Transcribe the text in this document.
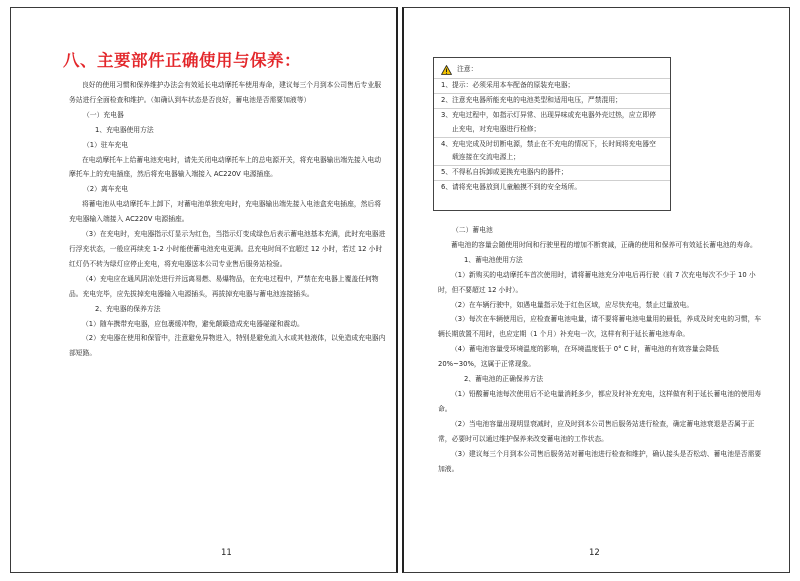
八、主要部件正确使用与保养：

良好的使用习惯和保养维护办法会有效延长电动摩托车使用寿命，建议每三个月到本公司售后专业服务站进行全面检查和维护。（如确认到车状态是否良好，蓄电池是否需要加液等）

（一）充电器

1、充电器使用方法

（1）驻车充电

在电动摩托车上给蓄电池充电时，请先关闭电动摩托车上的总电源开关，将充电器输出端先接入电动摩托车上的充电插座，然后将充电器输入端接入 AC220V 电源插座。

（2）离车充电

将蓄电池从电动摩托车上卸下，对蓄电池单独充电时，充电器输出端先接入电池盒充电插座，然后将充电器输入端接入 AC220V 电源插座。

（3）在充电时，充电器指示灯显示为红色，当指示灯变成绿色后表示蓄电池基本充满，此时充电器进行浮充状态，一般应再续充 1-2 小时能使蓄电池充电更满。总充电时间不宜超过 12 小时，若过 12 小时红灯仍不转为绿灯应停止充电，将充电器送本公司专业售后服务站检验。

（4）充电应在通风阴凉处进行并远离易燃、易爆物品，在充电过程中，严禁在充电器上覆盖任何物品。充电完毕，应先拔掉充电器输入电源插头，再拔掉充电器与蓄电池连接插头。

2、充电器的保养方法

（1）随车携带充电器，应包裹缓冲物，避免颠簸造成充电器碰碰和震动。

（2）充电器在使用和保管中，注意避免异物进入，特别是避免流入水或其他液体，以免造成充电器内部短路。

11
注意：
1、 提示：必须采用本车配备的原装充电器；
2、 注意充电器所能充电的电池类型和适用电压，严禁混用；
3、 充电过程中，如指示灯异常、出现异味或充电器外壳过热，应立即停止充电，对充电器进行检修；
4、 充电完成及时切断电源，禁止在不充电的情况下，长时间将充电器空载连接在交流电源上；
5、 不得私自拆卸或更换充电器内的器件；
6、 请将充电器放到儿童触摸不到的安全场所。

（二）蓄电池

蓄电池的容量会随使用时间和行驶里程的增加不断衰减，正确的使用和保养可有效延长蓄电池的寿命。

1、蓄电池使用方法

（1）新购买的电动摩托车首次使用时，请将蓄电池充分冲电后再行驶（前 7 次充电每次不少于 10 小时，但不要超过 12 小时）。

（2）在车辆行驶中，如遇电量指示处于红色区域，应尽快充电，禁止过量放电。

（3）每次在车辆使用后，应检查蓄电池电量，请不要将蓄电池电量用的最低，养成及时充电的习惯，车辆长期放置不用时，也应定期（1 个月）补充电一次，这样有利于延长蓄电池寿命。

（4）蓄电池容量受环境温度的影响，在环境温度低于 0° C 时，蓄电池的有效容量会降低 20%~30%，这属于正常现象。

2、蓄电池的正确保养方法

（1）铅酸蓄电池每次使用后不论电量消耗多少，都应及时补充充电，这样做有利于延长蓄电池的使用寿命。

（2）当电池容量出现明显衰减时，应及时到本公司售后服务站进行检查，确定蓄电池衰退是否属于正常，必要时可以通过维护保养来改变蓄电池的工作状态。

（3）建议每三个月到本公司售后服务站对蓄电池进行检查和维护，确认接头是否松动、蓄电池是否需要加液。

12
